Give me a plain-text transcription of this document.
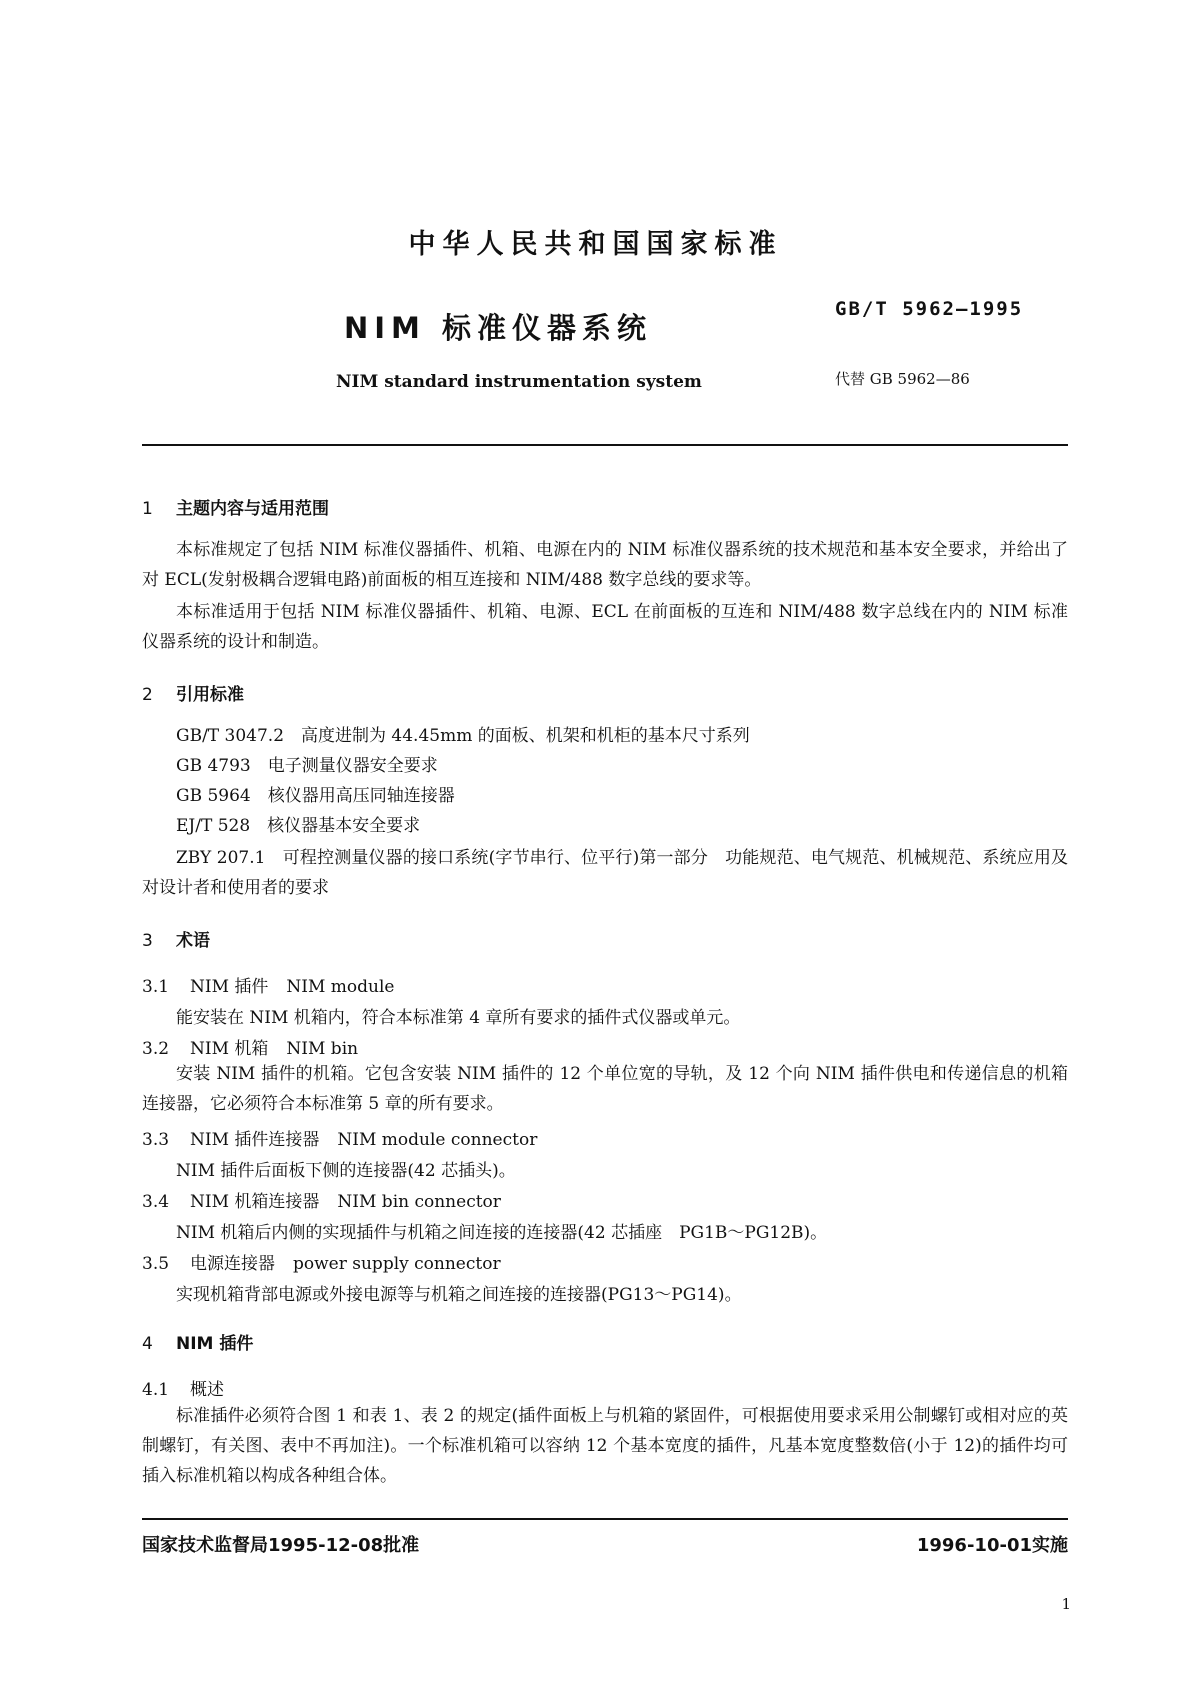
中华人民共和国国家标准
NIM 标准仪器系统
GB/T 5962—1995
NIM standard instrumentation system	代替 GB 5962—86
1 主题内容与适用范围
本标准规定了包括 NIM 标准仪器插件、机箱、电源在内的 NIM 标准仪器系统的技术规范和基本安全要求，并给出了对 ECL(发射极耦合逻辑电路)前面板的相互连接和 NIM/488 数字总线的要求等。
本标准适用于包括 NIM 标准仪器插件、机箱、电源、ECL 在前面板的互连和 NIM/488 数字总线在内的 NIM 标准仪器系统的设计和制造。
2 引用标准
GB/T 3047.2　高度进制为 44.45mm 的面板、机架和机柜的基本尺寸系列
GB 4793　电子测量仪器安全要求
GB 5964　核仪器用高压同轴连接器
EJ/T 528　核仪器基本安全要求
ZBY 207.1　可程控测量仪器的接口系统(字节串行、位平行)第一部分　功能规范、电气规范、机械规范、系统应用及对设计者和使用者的要求
3 术语
3.1 NIM 插件 NIM module
能安装在 NIM 机箱内，符合本标准第 4 章所有要求的插件式仪器或单元。
3.2 NIM 机箱 NIM bin
安装 NIM 插件的机箱。它包含安装 NIM 插件的 12 个单位宽的导轨，及 12 个向 NIM 插件供电和传递信息的机箱连接器，它必须符合本标准第 5 章的所有要求。
3.3 NIM 插件连接器 NIM module connector
NIM 插件后面板下侧的连接器(42 芯插头)。
3.4 NIM 机箱连接器 NIM bin connector
NIM 机箱后内侧的实现插件与机箱之间连接的连接器(42 芯插座　PG1B～PG12B)。
3.5 电源连接器 power supply connector
实现机箱背部电源或外接电源等与机箱之间连接的连接器(PG13～PG14)。
4 NIM 插件
4.1 概述
标准插件必须符合图 1 和表 1、表 2 的规定(插件面板上与机箱的紧固件，可根据使用要求采用公制螺钉或相对应的英制螺钉，有关图、表中不再加注)。一个标准机箱可以容纳 12 个基本宽度的插件，凡基本宽度整数倍(小于 12)的插件均可插入标准机箱以构成各种组合体。
国家技术监督局1995-12-08批准	1996-10-01实施
1
